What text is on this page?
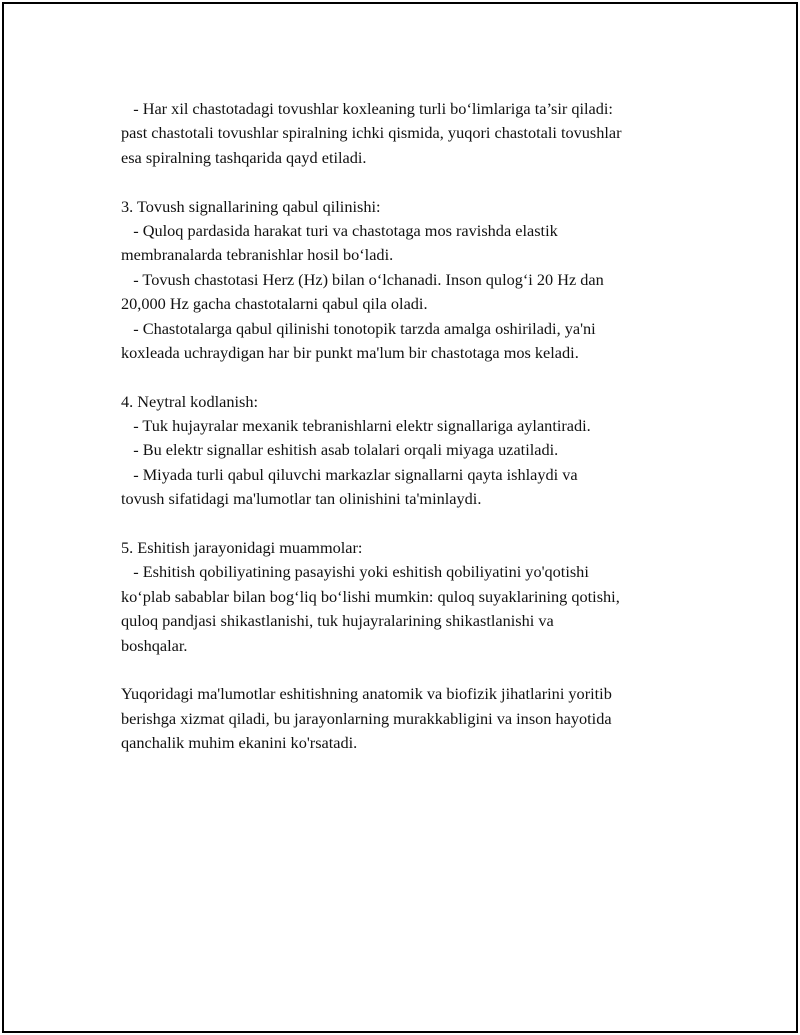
- Har xil chastotadagi tovushlar koxleaning turli bo‘limlariga ta’sir qiladi:
past chastotali tovushlar spiralning ichki qismida, yuqori chastotali tovushlar
esa spiralning tashqarida qayd etiladi.
3. Tovush signallarining qabul qilinishi:
- Quloq pardasida harakat turi va chastotaga mos ravishda elastik
membranalarda tebranishlar hosil bo‘ladi.
- Tovush chastotasi Herz (Hz) bilan o‘lchanadi. Inson qulog‘i 20 Hz dan
20,000 Hz gacha chastotalarni qabul qila oladi.
- Chastotalarga qabul qilinishi tonotopik tarzda amalga oshiriladi, ya'ni
koxleada uchraydigan har bir punkt ma'lum bir chastotaga mos keladi.
4. Neytral kodlanish:
- Tuk hujayralar mexanik tebranishlarni elektr signallariga aylantiradi.
- Bu elektr signallar eshitish asab tolalari orqali miyaga uzatiladi.
- Miyada turli qabul qiluvchi markazlar signallarni qayta ishlaydi va
tovush sifatidagi ma'lumotlar tan olinishini ta'minlaydi.
5. Eshitish jarayonidagi muammolar:
- Eshitish qobiliyatining pasayishi yoki eshitish qobiliyatini yo'qotishi
ko‘plab sabablar bilan bog‘liq bo‘lishi mumkin: quloq suyaklarining qotishi,
quloq pandjasi shikastlanishi, tuk hujayralarining shikastlanishi va
boshqalar.
Yuqoridagi ma'lumotlar eshitishning anatomik va biofizik jihatlarini yoritib
berishga xizmat qiladi, bu jarayonlarning murakkabligini va inson hayotida
qanchalik muhim ekanini ko'rsatadi.
